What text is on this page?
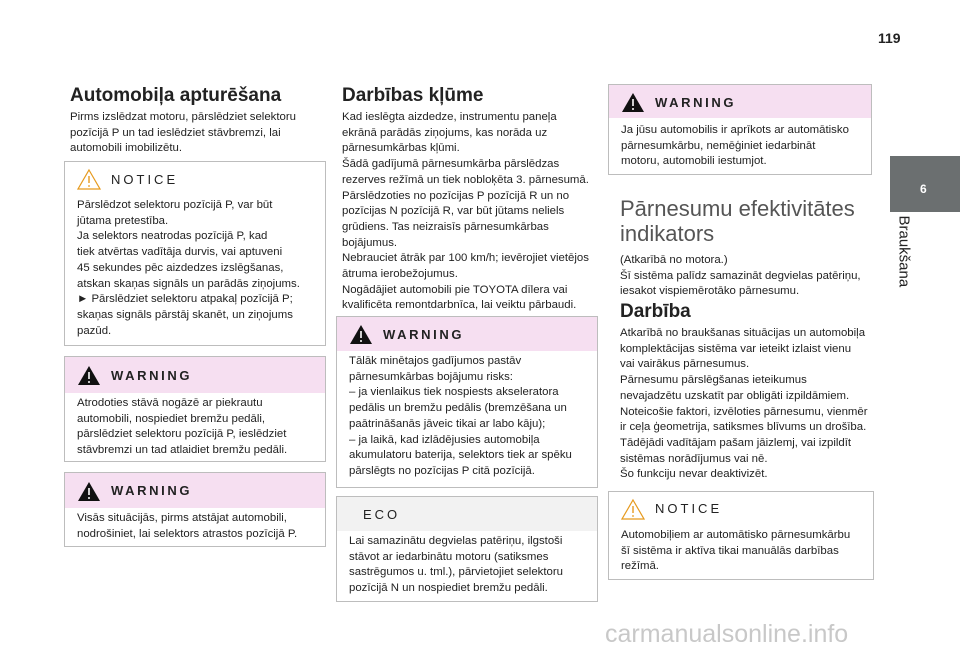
119
6
Braukšana
Automobiļa apturēšana
Pirms izslēdzat motoru, pārslēdziet selektoru
pozīcijā P un tad ieslēdziet stāvbremzi, lai
automobili imobilizētu.
NOTICE
Pārslēdzot selektoru pozīcijā P, var būt
jūtama pretestība.
Ja selektors neatrodas pozīcijā P, kad
tiek atvērtas vadītāja durvis, vai aptuveni
45 sekundes pēc aizdedzes izslēgšanas,
atskan skaņas signāls un parādās ziņojums.
► Pārslēdziet selektoru atpakaļ pozīcijā P;
skaņas signāls pārstāj skanēt, un ziņojums
pazūd.
WARNING
Atrodoties stāvā nogāzē ar piekrautu
automobili, nospiediet bremžu pedāli,
pārslēdziet selektoru pozīcijā P, ieslēdziet
stāvbremzi un tad atlaidiet bremžu pedāli.
WARNING
Visās situācijās, pirms atstājat automobili,
nodrošiniet, lai selektors atrastos pozīcijā P.
Darbības kļūme
Kad ieslēgta aizdedze, instrumentu paneļa
ekrānā parādās ziņojums, kas norāda uz
pārnesumkārbas kļūmi.
Šādā gadījumā pārnesumkārba pārslēdzas
rezerves režīmā un tiek nobloķēta 3. pārnesumā.
Pārslēdzoties no pozīcijas P pozīcijā R un no
pozīcijas N pozīcijā R, var būt jūtams neliels
grūdiens. Tas neizraisīs pārnesumkārbas
bojājumus.
Nebrauciet ātrāk par 100 km/h; ievērojiet vietējos
ātruma ierobežojumus.
Nogādājiet automobili pie TOYOTA dīlera vai
kvalificēta remontdarbnīca, lai veiktu pārbaudi.
WARNING
Tālāk minētajos gadījumos pastāv
pārnesumkārbas bojājumu risks:
– ja vienlaikus tiek nospiests akseleratora
pedālis un bremžu pedālis (bremzēšana un
paātrināšanās jāveic tikai ar labo kāju);
– ja laikā, kad izlādējusies automobiļa
akumulatoru baterija, selektors tiek ar spēku
pārslēgts no pozīcijas P citā pozīcijā.
ECO
Lai samazinātu degvielas patēriņu, ilgstoši
stāvot ar iedarbinātu motoru (satiksmes
sastrēgumos u. tml.), pārvietojiet selektoru
pozīcijā N un nospiediet bremžu pedāli.
WARNING
Ja jūsu automobilis ir aprīkots ar automātisko
pārnesumkārbu, nemēģiniet iedarbināt
motoru, automobili iestumjot.
Pārnesumu efektivitātes
indikators
(Atkarībā no motora.)
Šī sistēma palīdz samazināt degvielas patēriņu,
iesakot vispiemērotāko pārnesumu.
Darbība
Atkarībā no braukšanas situācijas un automobiļa
komplektācijas sistēma var ieteikt izlaist vienu
vai vairākus pārnesumus.
Pārnesumu pārslēgšanas ieteikumus
nevajadzētu uzskatīt par obligāti izpildāmiem.
Noteicošie faktori, izvēloties pārnesumu, vienmēr
ir ceļa ģeometrija, satiksmes blīvums un drošība.
Tādējādi vadītājam pašam jāizlemj, vai izpildīt
sistēmas norādījumus vai nē.
Šo funkciju nevar deaktivizēt.
NOTICE
Automobiļiem ar automātisko pārnesumkārbu
šī sistēma ir aktīva tikai manuālās darbības
režīmā.
carmanualsonline.info
